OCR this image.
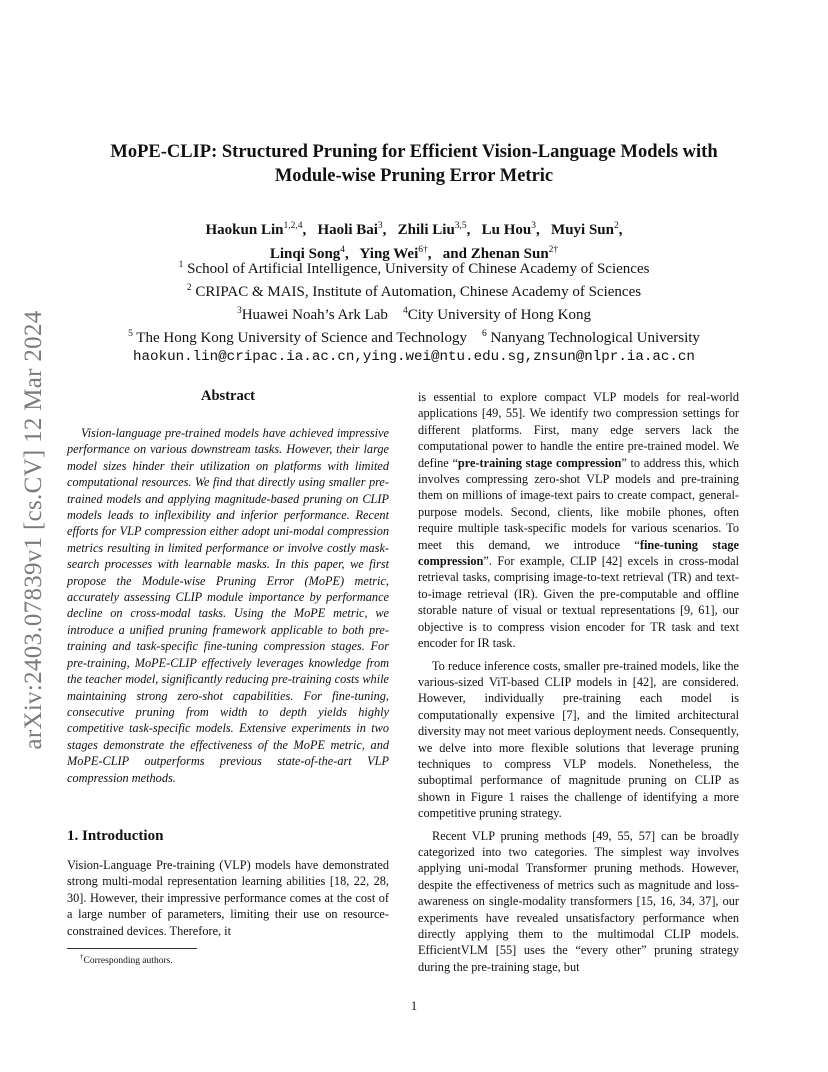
arXiv:2403.07839v1 [cs.CV] 12 Mar 2024
MoPE-CLIP: Structured Pruning for Efficient Vision-Language Models with
Module-wise Pruning Error Metric
Haokun Lin$^{1,2,4}$,   Haoli Bai$^3$,   Zhili Liu$^{3,5}$,   Lu Hou$^3$,   Muyi Sun$^2$,
Linqi Song$^4$,   Ying Wei$^{6\dagger}$,   and Zhenan Sun$^{2\dagger}$
$^1$ School of Artificial Intelligence, University of Chinese Academy of Sciences
$^2$ CRIPAC & MAIS, Institute of Automation, Chinese Academy of Sciences
$^3$Huawei Noah’s Ark Lab $^4$City University of Hong Kong
$^5$ The Hong Kong University of Science and Technology $^6$ Nanyang Technological University
haokun.lin@cripac.ia.ac.cn,ying.wei@ntu.edu.sg,znsun@nlpr.ia.ac.cn
Abstract

Vision-language pre-trained models have achieved impressive performance on various downstream tasks. However, their large model sizes hinder their utilization on platforms with limited computational resources. We find that directly using smaller pre-trained models and applying magnitude-based pruning on CLIP models leads to inflexibility and inferior performance. Recent efforts for VLP compression either adopt uni-modal compression metrics resulting in limited performance or involve costly mask-search processes with learnable masks. In this paper, we first propose the Module-wise Pruning Error (MoPE) metric, accurately assessing CLIP module importance by performance decline on cross-modal tasks. Using the MoPE metric, we introduce a unified pruning framework applicable to both pre-training and task-specific fine-tuning compression stages. For pre-training, MoPE-CLIP effectively leverages knowledge from the teacher model, significantly reducing pre-training costs while maintaining strong zero-shot capabilities. For fine-tuning, consecutive pruning from width to depth yields highly competitive task-specific models. Extensive experiments in two stages demonstrate the effectiveness of the MoPE metric, and MoPE-CLIP outperforms previous state-of-the-art VLP compression methods.

1. Introduction

Vision-Language Pre-training (VLP) models have demonstrated strong multi-modal representation learning abilities [18, 22, 28, 30]. However, their impressive performance comes at the cost of a large number of parameters, limiting their use on resource-constrained devices. Therefore, it

is essential to explore compact VLP models for real-world applications [49, 55]. We identify two compression settings for different platforms. First, many edge servers lack the computational power to handle the entire pre-trained model. We define “pre-training stage compression” to address this, which involves compressing zero-shot VLP models and pre-training them on millions of image-text pairs to create compact, general-purpose models. Second, clients, like mobile phones, often require multiple task-specific models for various scenarios. To meet this demand, we introduce “fine-tuning stage compression”. For example, CLIP [42] excels in cross-modal retrieval tasks, comprising image-to-text retrieval (TR) and text-to-image retrieval (IR). Given the pre-computable and offline storable nature of visual or textual representations [9, 61], our objective is to compress vision encoder for TR task and text encoder for IR task.

To reduce inference costs, smaller pre-trained models, like the various-sized ViT-based CLIP models in [42], are considered. However, individually pre-training each model is computationally expensive [7], and the limited architectural diversity may not meet various deployment needs. Consequently, we delve into more flexible solutions that leverage pruning techniques to compress VLP models. Nonetheless, the suboptimal performance of magnitude pruning on CLIP as shown in Figure 1 raises the challenge of identifying a more competitive pruning strategy.

Recent VLP pruning methods [49, 55, 57] can be broadly categorized into two categories. The simplest way involves applying uni-modal Transformer pruning methods. However, despite the effectiveness of metrics such as magnitude and loss-awareness on single-modality transformers [15, 16, 34, 37], our experiments have revealed unsatisfactory performance when directly applying them to the multimodal CLIP models. EfficientVLM [55] uses the “every other” pruning strategy during the pre-training stage, but

†Corresponding authors.
1
